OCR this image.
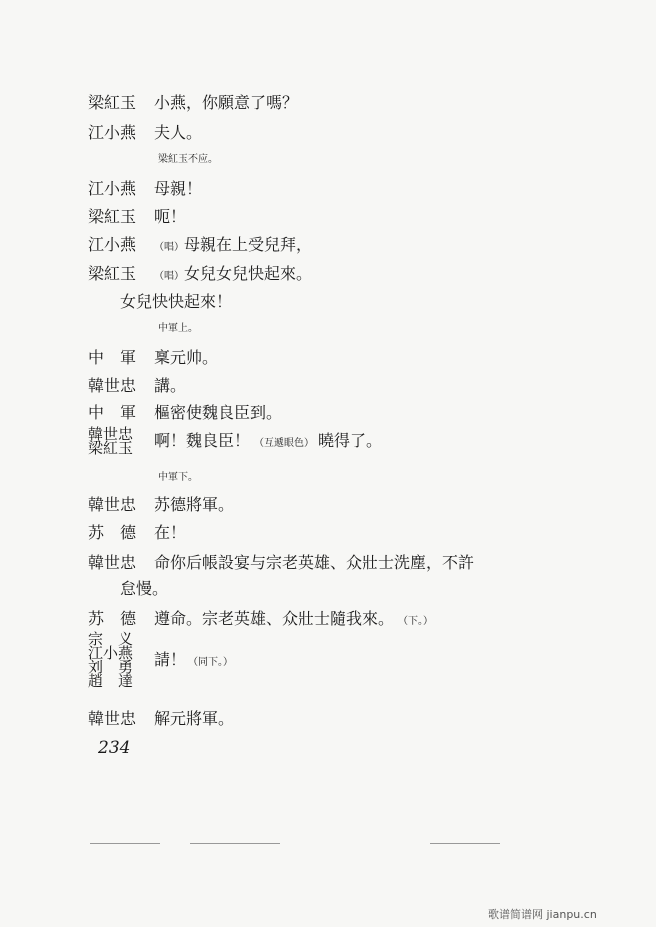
梁紅玉 小燕，你願意了嗎？
江小燕 夫人。
梁紅玉不应。
江小燕 母親！
梁紅玉 呃！
江小燕 （唱）母親在上受兒拜，
梁紅玉 （唱）女兒女兒快起來。
女兒快快起來！
中軍上。
中　軍 稟元帅。
韓世忠 講。
中　軍 樞密使魏良臣到。
韓世忠
梁紅玉	啊！魏良臣！ （互遞眼色） 曉得了。
中軍下。
韓世忠 苏德將軍。
苏　德 在！
韓世忠 命你后帳設宴与宗老英雄、众壯士洗塵，不許
怠慢。
苏　德 遵命。宗老英雄、众壯士隨我來。 （下。）
宗　义
江小燕
刘　勇
趙　達
請！ （同下。）
韓世忠 解元將軍。
234
歌谱简谱网 jianpu.cn
